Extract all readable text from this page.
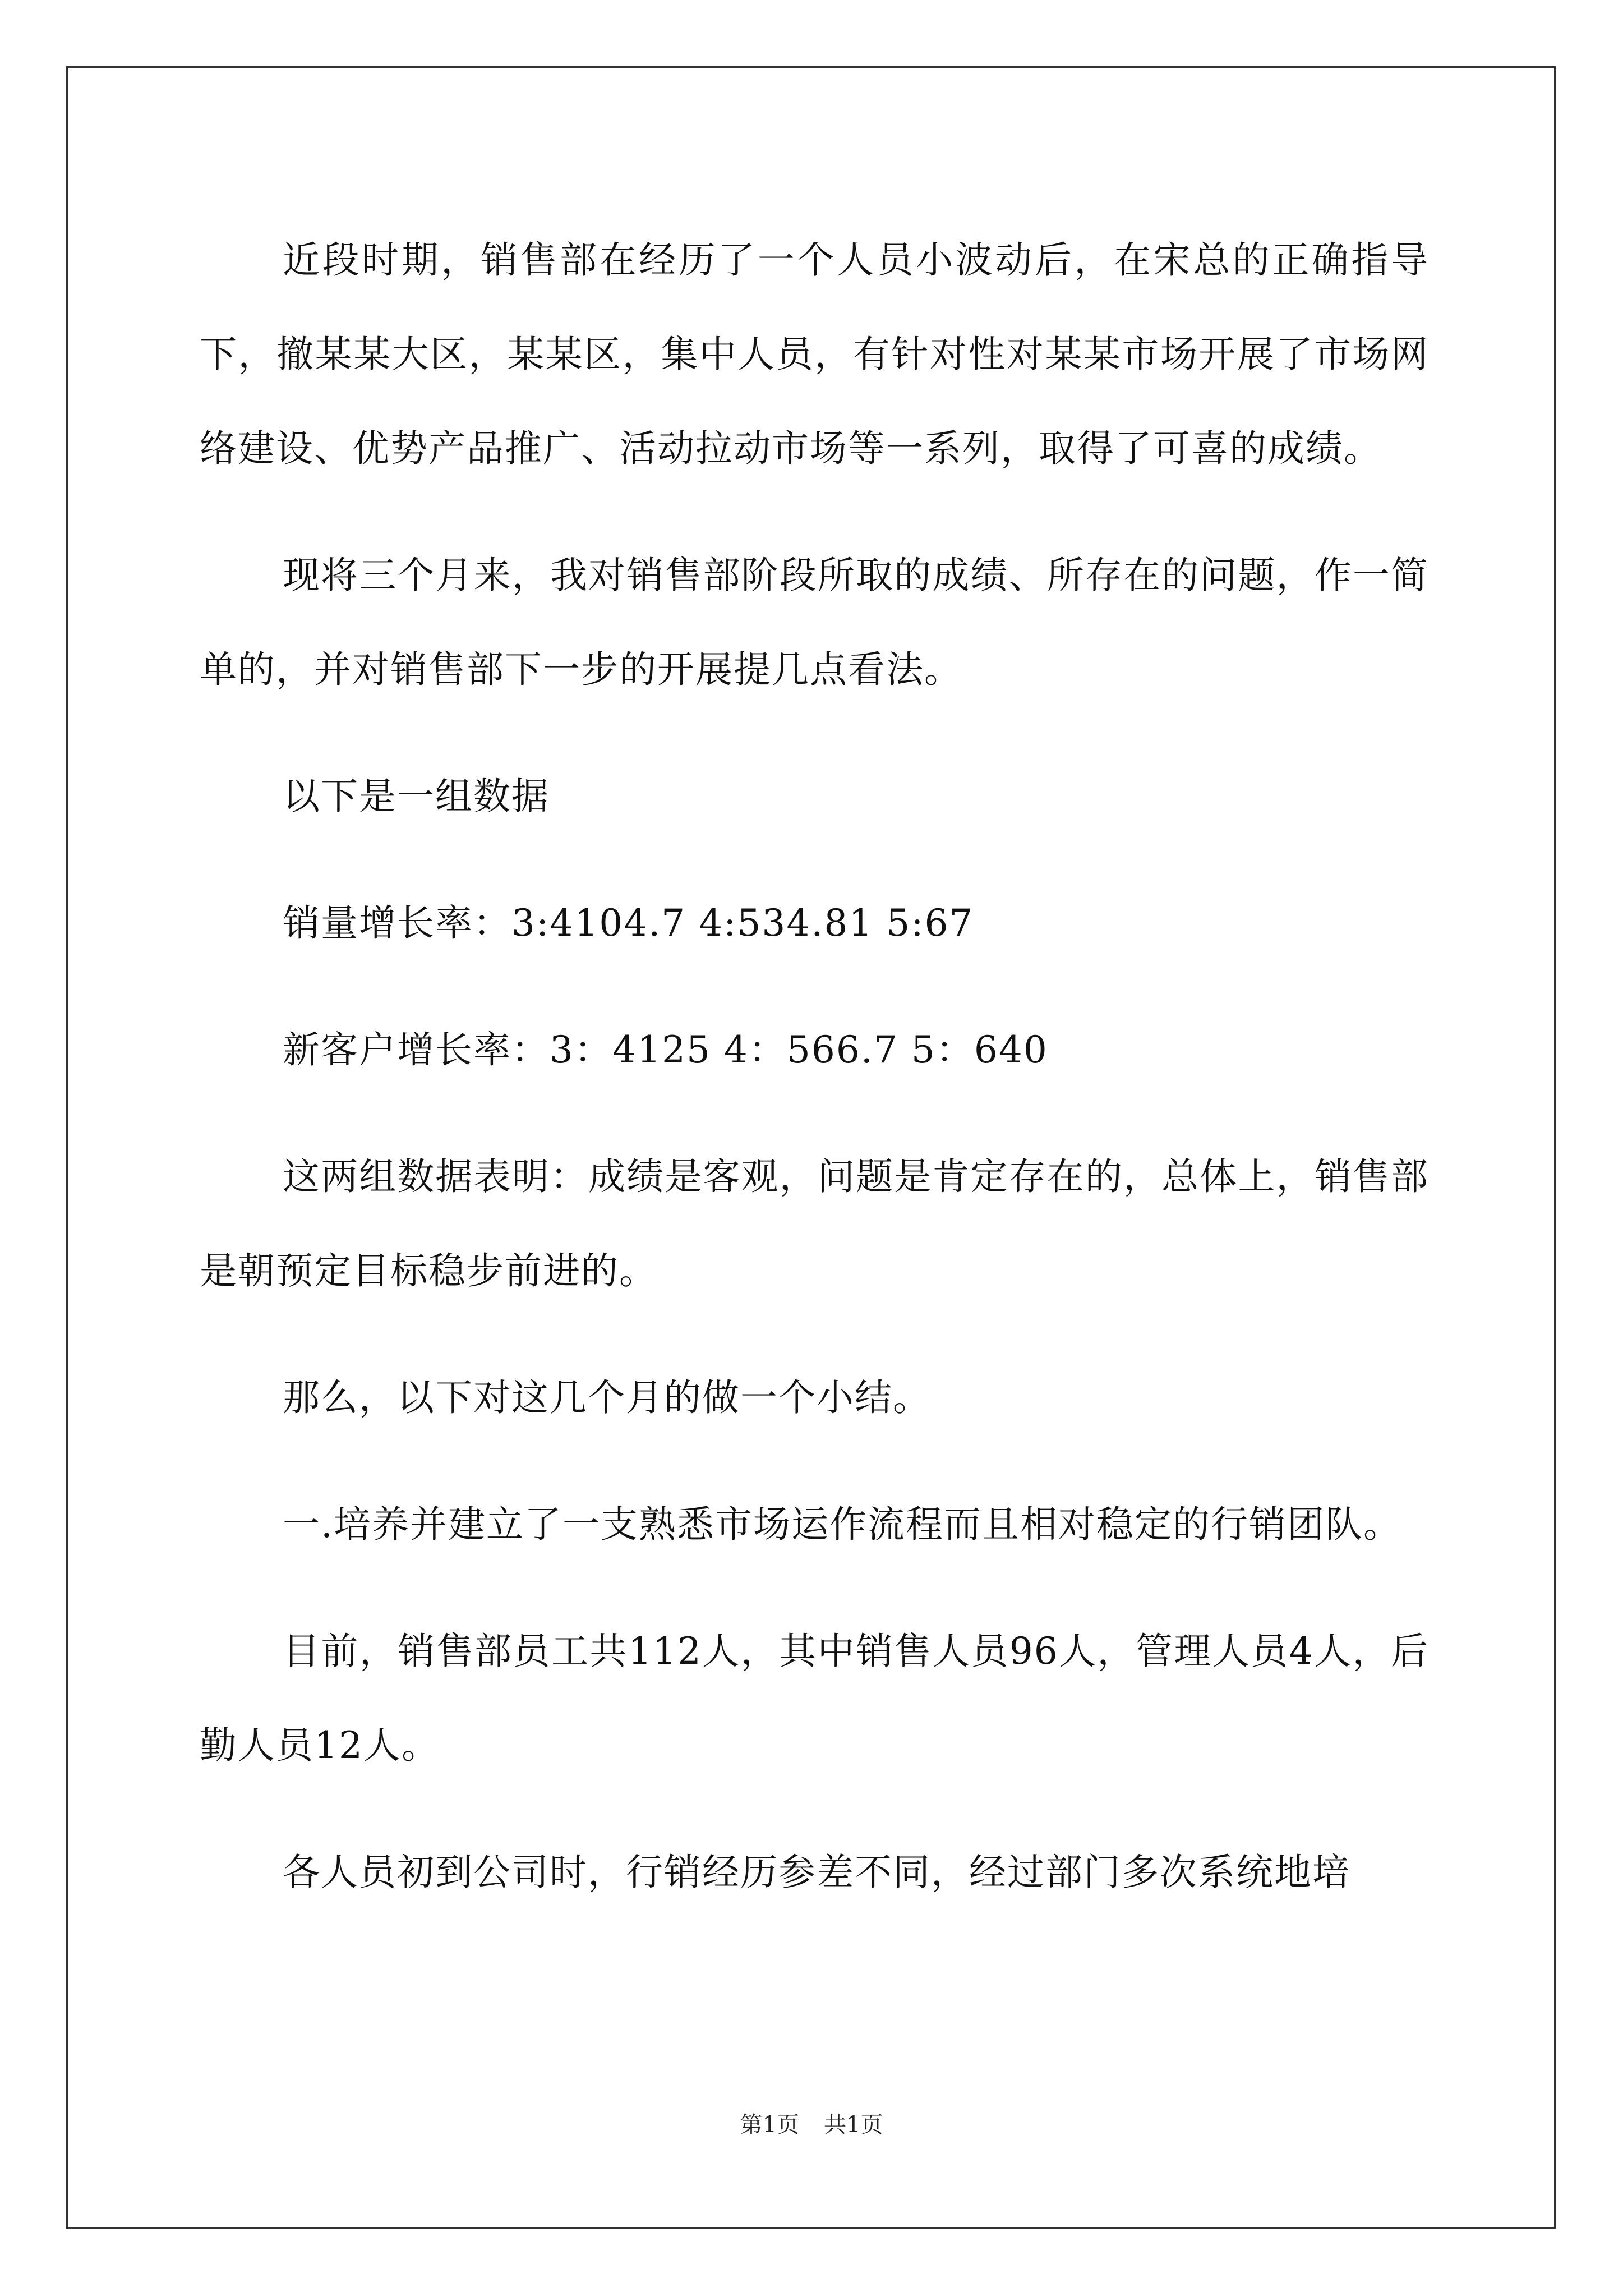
近段时期，销售部在经历了一个人员小波动后，在宋总的正确指导下，撤某某大区，某某区，集中人员，有针对性对某某市场开展了市场网络建设、优势产品推广、活动拉动市场等一系列，取得了可喜的成绩。

现将三个月来，我对销售部阶段所取的成绩、所存在的问题，作一简单的，并对销售部下一步的开展提几点看法。

以下是一组数据

销量增长率：3:4104.7 4:534.81 5:67

新客户增长率：3：4125 4：566.7 5：640

这两组数据表明：成绩是客观，问题是肯定存在的，总体上，销售部是朝预定目标稳步前进的。

那么，以下对这几个月的做一个小结。

一.培养并建立了一支熟悉市场运作流程而且相对稳定的行销团队。

目前，销售部员工共112人，其中销售人员96人，管理人员4人，后勤人员12人。

各人员初到公司时，行销经历参差不同，经过部门多次系统地培

第1页 共1页
